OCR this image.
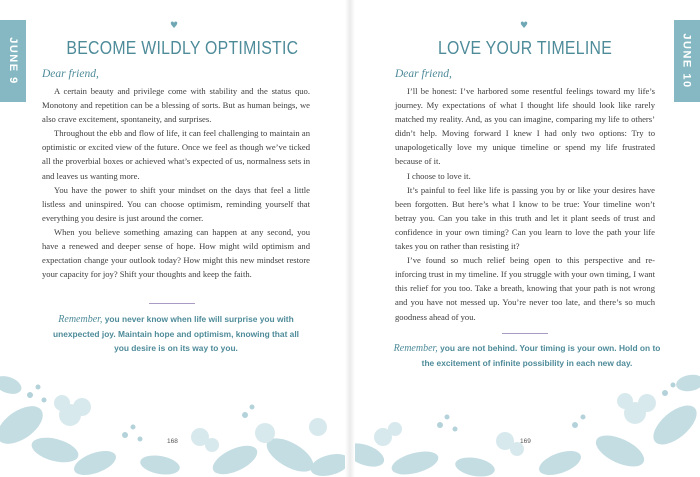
JUNE 9
♥
BECOME WILDLY OPTIMISTIC
Dear friend,

A certain beauty and privilege come with stability and the status quo. Monotony and repetition can be a blessing of sorts. But as human beings, we also crave excitement, spontaneity, and surprises.

Throughout the ebb and flow of life, it can feel challenging to maintain an optimistic or excited view of the future. Once we feel as though we’ve ticked all the proverbial boxes or achieved what’s expected of us, normalness sets in and leaves us wanting more.

You have the power to shift your mindset on the days that feel a little listless and uninspired. You can choose optimism, reminding yourself that everything you desire is just around the corner.

When you believe something amazing can happen at any second, you have a renewed and deeper sense of hope. How might wild optimism and expectation change your outlook today? How might this new mindset restore your capacity for joy? Shift your thoughts and keep the faith.

Remember, you never know when life will surprise you with unexpected joy. Maintain hope and optimism, knowing that all you desire is on its way to you.
168
JUNE 10
♥
LOVE YOUR TIMELINE
Dear friend,

I’ll be honest: I’ve harbored some resentful feelings toward my life’s journey. My expectations of what I thought life should look like rarely matched my reality. And, as you can imagine, comparing my life to others’ didn’t help. Moving forward I knew I had only two options: Try to unapologetically love my unique timeline or spend my life frustrated because of it.

I choose to love it.

It’s painful to feel like life is passing you by or like your desires have been forgotten. But here’s what I know to be true: Your timeline won’t betray you. Can you take in this truth and let it plant seeds of trust and confidence in your own timing? Can you learn to love the path your life takes you on rather than resisting it?

I’ve found so much relief being open to this perspective and re-inforcing trust in my timeline. If you struggle with your own timing, I want this relief for you too. Take a breath, knowing that your path is not wrong and you have not messed up. You’re never too late, and there’s so much goodness ahead of you.

Remember, you are not behind. Your timing is your own. Hold on to the excitement of infinite possibility in each new day.
169
